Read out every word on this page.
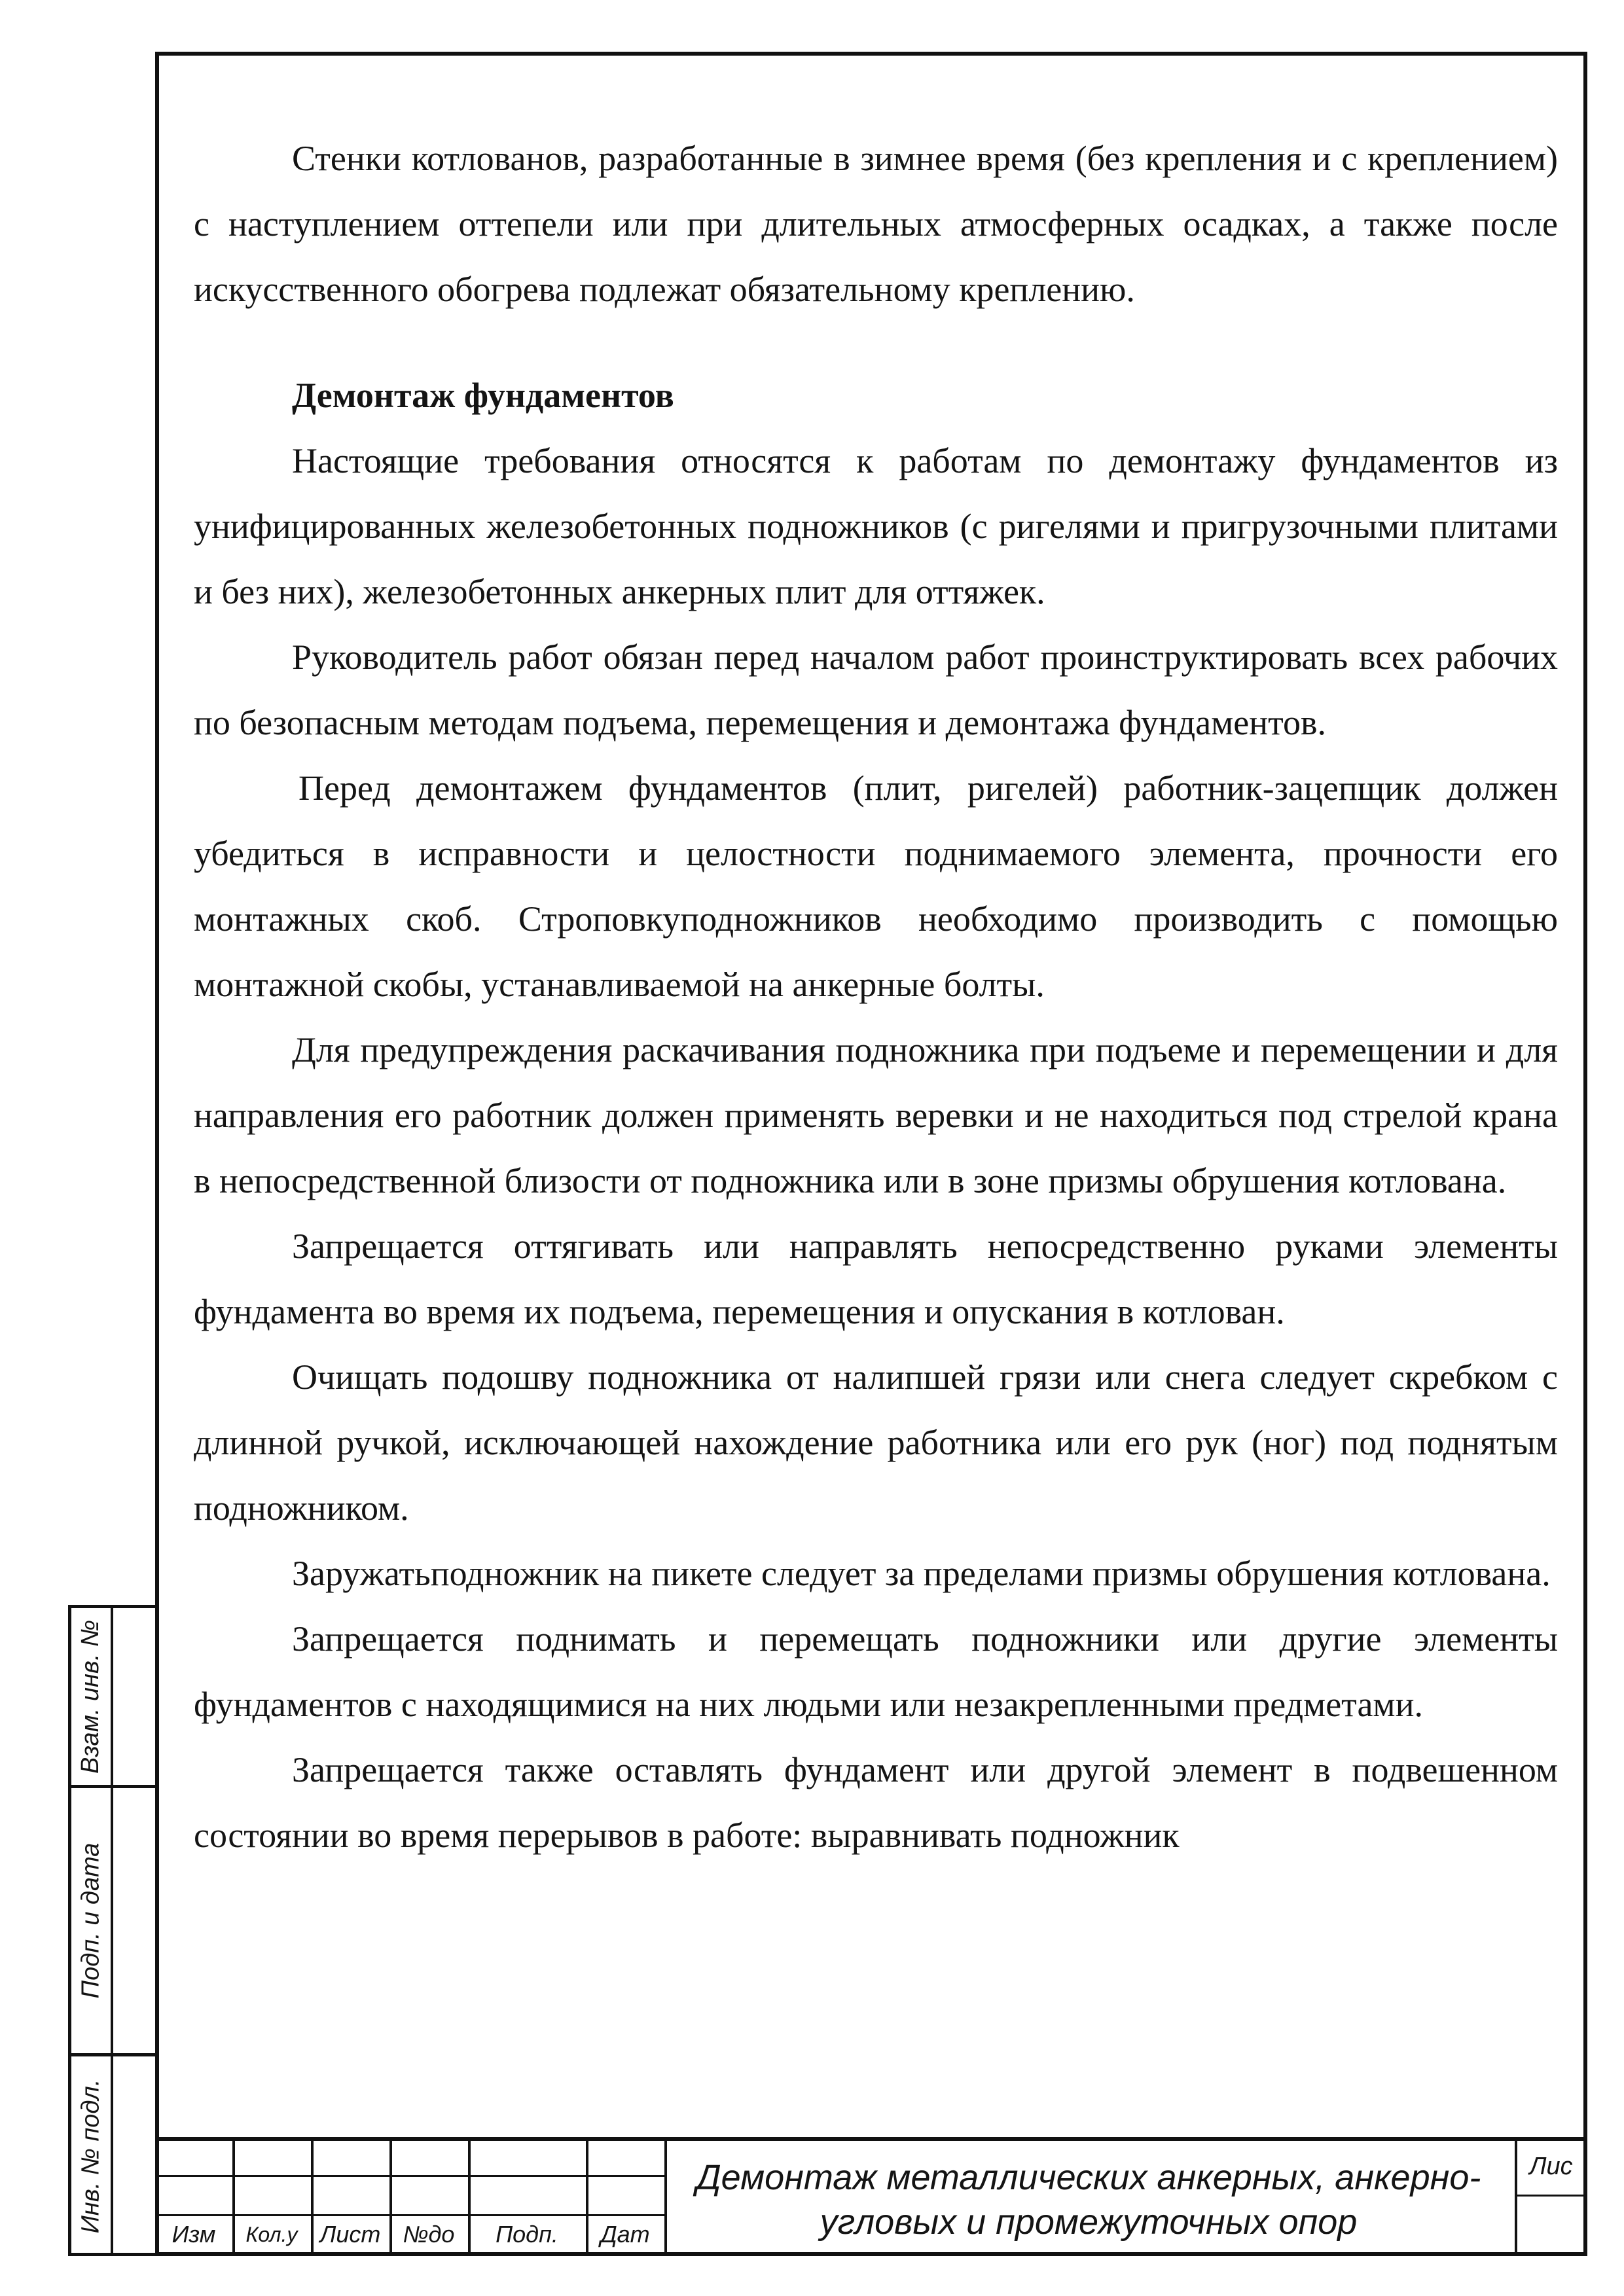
Стенки котлованов, разработанные в зимнее время (без крепления и с креплением) с наступлением оттепели или при длительных атмосферных осадках, а также после искусственного обогрева подлежат обязательному креплению.

Демонтаж фундаментов

Настоящие требования относятся к работам по демонтажу фундаментов из унифицированных железобетонных подножников (с ригелями и пригрузочными плитами и без них), железобетонных анкерных плит для оттяжек.

Руководитель работ обязан перед началом работ проинструктировать всех рабочих по безопасным методам подъема, перемещения и демонтажа фундаментов.

Перед демонтажем фундаментов (плит, ригелей) работник-зацепщик должен убедиться в исправности и целостности поднимаемого элемента, прочности его монтажных скоб. Строповкуподножников необходимо производить с помощью монтажной скобы, устанавливаемой на анкерные болты.

Для предупреждения раскачивания подножника при подъеме и перемещении и для направления его работник должен применять веревки и не находиться под стрелой крана в непосредственной близости от подножника или в зоне призмы обрушения котлована.

Запрещается оттягивать или направлять непосредственно руками элементы фундамента во время их подъема, перемещения и опускания в котлован.

Очищать подошву подножника от налипшей грязи или снега следует скребком с длинной ручкой, исключающей нахождение работника или его рук (ног) под поднятым подножником.

Заружатьподножник на пикете следует за пределами призмы обрушения котлована.

Запрещается поднимать и перемещать подножники или другие элементы фундаментов с находящимися на них людьми или незакрепленными предметами.

Запрещается также оставлять фундамент или другой элемент в подвешенном состоянии во время перерывов в работе: выравнивать подножник

Взам. инв. №
Подп. и дата
Инв. № подл.
Изм	Кол.у Лист №до	Подп.	Дат
Демонтаж металлических анкерных, анкерно-угловых и промежуточных опор
Лис
